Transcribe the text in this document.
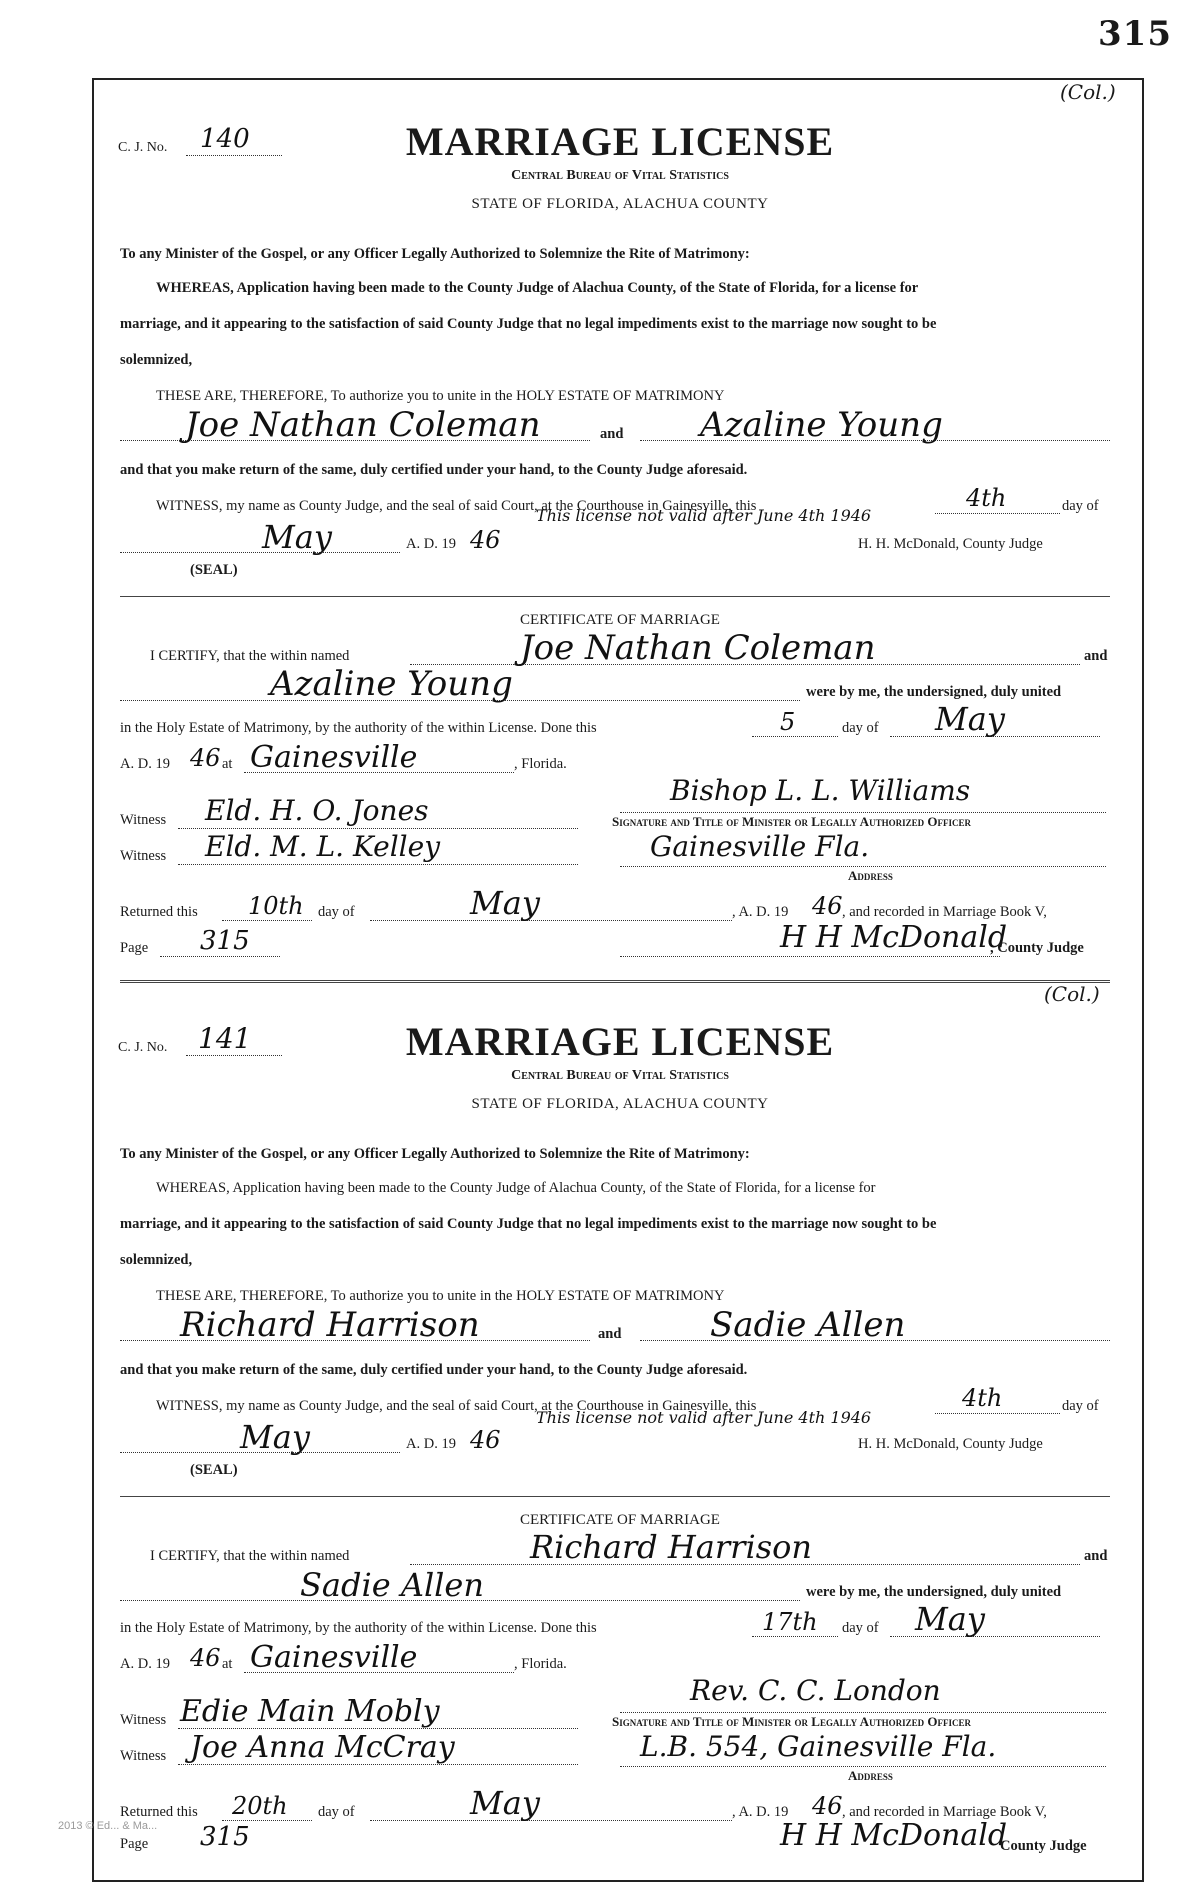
315
(Col.)
C. J. No. 140	MARRIAGE LICENSE
Central Bureau of Vital Statistics
STATE OF FLORIDA, ALACHUA COUNTY
To any Minister of the Gospel, or any Officer Legally Authorized to Solemnize the Rite of Matrimony:
WHEREAS, Application having been made to the County Judge of Alachua County, of the State of Florida, for a license for
marriage, and it appearing to the satisfaction of said County Judge that no legal impediments exist to the marriage now sought to be
solemnized,
THESE ARE, THEREFORE, To authorize you to unite in the HOLY ESTATE OF MATRIMONY
Joe Nathan Coleman	and Azaline Young
and that you make return of the same, duly certified under your hand, to the County Judge aforesaid.
WITNESS, my name as County Judge, and the seal of said Court, at the Courthouse in Gainesville, this	4th	day of
This license not valid after June 4th 1946
May	A. D. 19 46	H. H. McDonald, County Judge
(SEAL)
CERTIFICATE OF MARRIAGE
I CERTIFY, that the within named	Joe Nathan Coleman	and
Azaline Young	were by me, the undersigned, duly united
in the Holy Estate of Matrimony, by the authority of the within License. Done this	5	day of May
A. D. 19 46 at Gainesville	, Florida.
Bishop L. L. Williams
Witness Eld. H. O. Jones	Signature and Title of Minister or Legally Authorized Officer
Witness Eld. M. L. Kelley	Gainesville Fla.
Address
Returned this 10th day of	May	, A. D. 19 46 , and recorded in Marriage Book V,
Page 315	H H McDonald
, County Judge
(Col.)
C. J. No. 141	MARRIAGE LICENSE
Central Bureau of Vital Statistics
STATE OF FLORIDA, ALACHUA COUNTY
To any Minister of the Gospel, or any Officer Legally Authorized to Solemnize the Rite of Matrimony:
WHEREAS, Application having been made to the County Judge of Alachua County, of the State of Florida, for a license for
marriage, and it appearing to the satisfaction of said County Judge that no legal impediments exist to the marriage now sought to be
solemnized,
THESE ARE, THEREFORE, To authorize you to unite in the HOLY ESTATE OF MATRIMONY
Richard Harrison	and	Sadie Allen
and that you make return of the same, duly certified under your hand, to the County Judge aforesaid.
WITNESS, my name as County Judge, and the seal of said Court, at the Courthouse in Gainesville, this	4th	day of
This license not valid after June 4th 1946
May	A. D. 19 46	H. H. McDonald, County Judge
(SEAL)
CERTIFICATE OF MARRIAGE
I CERTIFY, that the within named	Richard Harrison	and
Sadie Allen	were by me, the undersigned, duly united
in the Holy Estate of Matrimony, by the authority of the within License. Done this	17th day of May
A. D. 19 46 at Gainesville	, Florida.
Rev. C. C. London
Witness Edie Main Mobly	Signature and Title of Minister or Legally Authorized Officer
Witness Joe Anna McCray	L.B. 554, Gainesville Fla.
Address
Returned this 20th day of	May	, A. D. 19 46 , and recorded in Marriage Book V,
Page 315	H H McDonald
County Judge
2013 © Ed... & Ma...
